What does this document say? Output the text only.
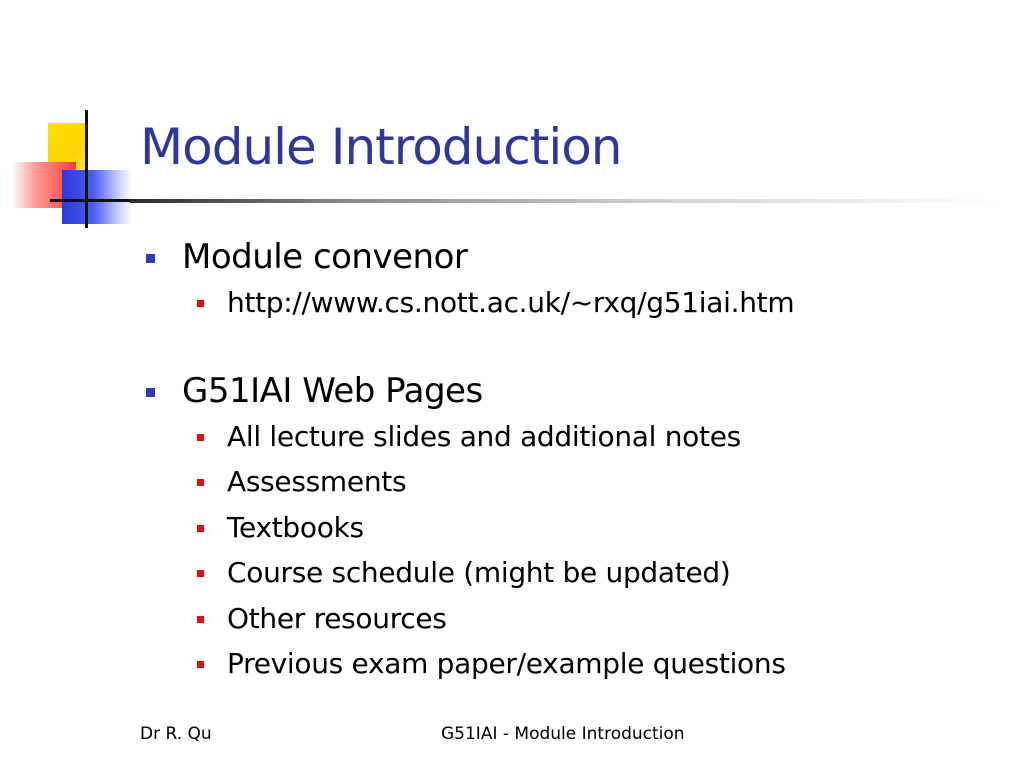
Module Introduction
Module convenor
http://www.cs.nott.ac.uk/~rxq/g51iai.htm
G51IAI Web Pages
All lecture slides and additional notes
Assessments
Textbooks
Course schedule (might be updated)
Other resources
Previous exam paper/example questions
Dr R. Qu	G51IAI - Module Introduction
